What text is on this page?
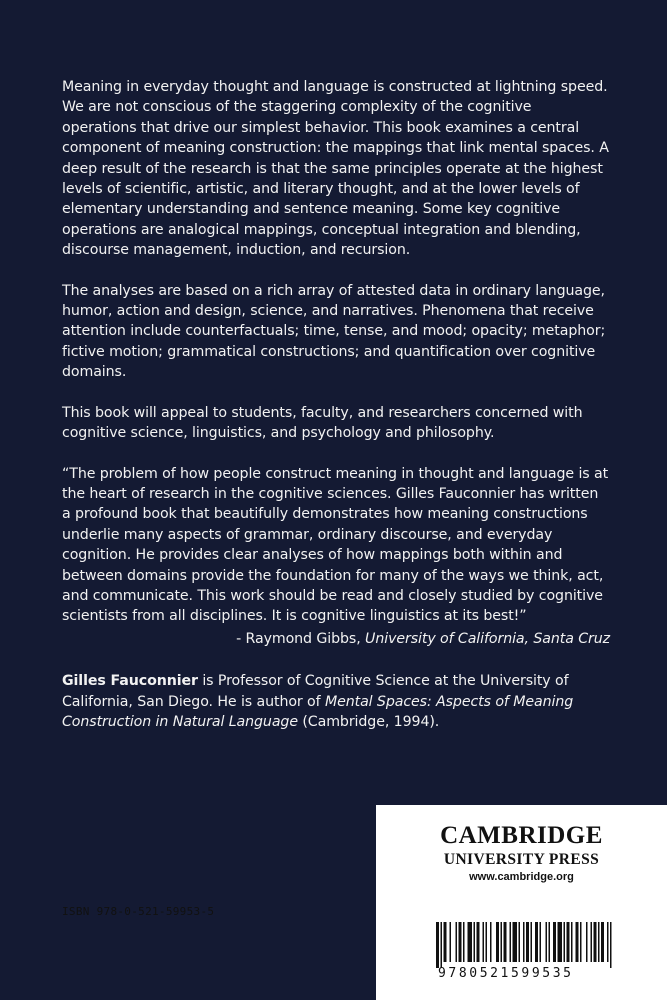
Meaning in everyday thought and language is constructed at lightning speed. We are not conscious of the staggering complexity of the cognitive operations that drive our simplest behavior. This book examines a central component of meaning construction: the mappings that link mental spaces. A deep result of the research is that the same principles operate at the highest levels of scientific, artistic, and literary thought, and at the lower levels of elementary understanding and sentence meaning. Some key cognitive operations are analogical mappings, conceptual integration and blending, discourse management, induction, and recursion.

The analyses are based on a rich array of attested data in ordinary language, humor, action and design, science, and narratives. Phenomena that receive attention include counterfactuals; time, tense, and mood; opacity; metaphor; fictive motion; grammatical constructions; and quantification over cognitive domains.

This book will appeal to students, faculty, and researchers concerned with cognitive science, linguistics, and psychology and philosophy.

“The problem of how people construct meaning in thought and language is at the heart of research in the cognitive sciences. Gilles Fauconnier has written a profound book that beautifully demonstrates how meaning constructions underlie many aspects of grammar, ordinary discourse, and everyday cognition. He provides clear analyses of how mappings both within and between domains provide the foundation for many of the ways we think, act, and communicate. This work should be read and closely studied by cognitive scientists from all disciplines. It is cognitive linguistics at its best!”

- Raymond Gibbs, University of California, Santa Cruz

Gilles Fauconnier is Professor of Cognitive Science at the University of California, San Diego. He is author of Mental Spaces: Aspects of Meaning Construction in Natural Language (Cambridge, 1994).

CAMBRIDGE
UNIVERSITY PRESS
www.cambridge.org
ISBN 978-0-521-59953-5
9780521599535
